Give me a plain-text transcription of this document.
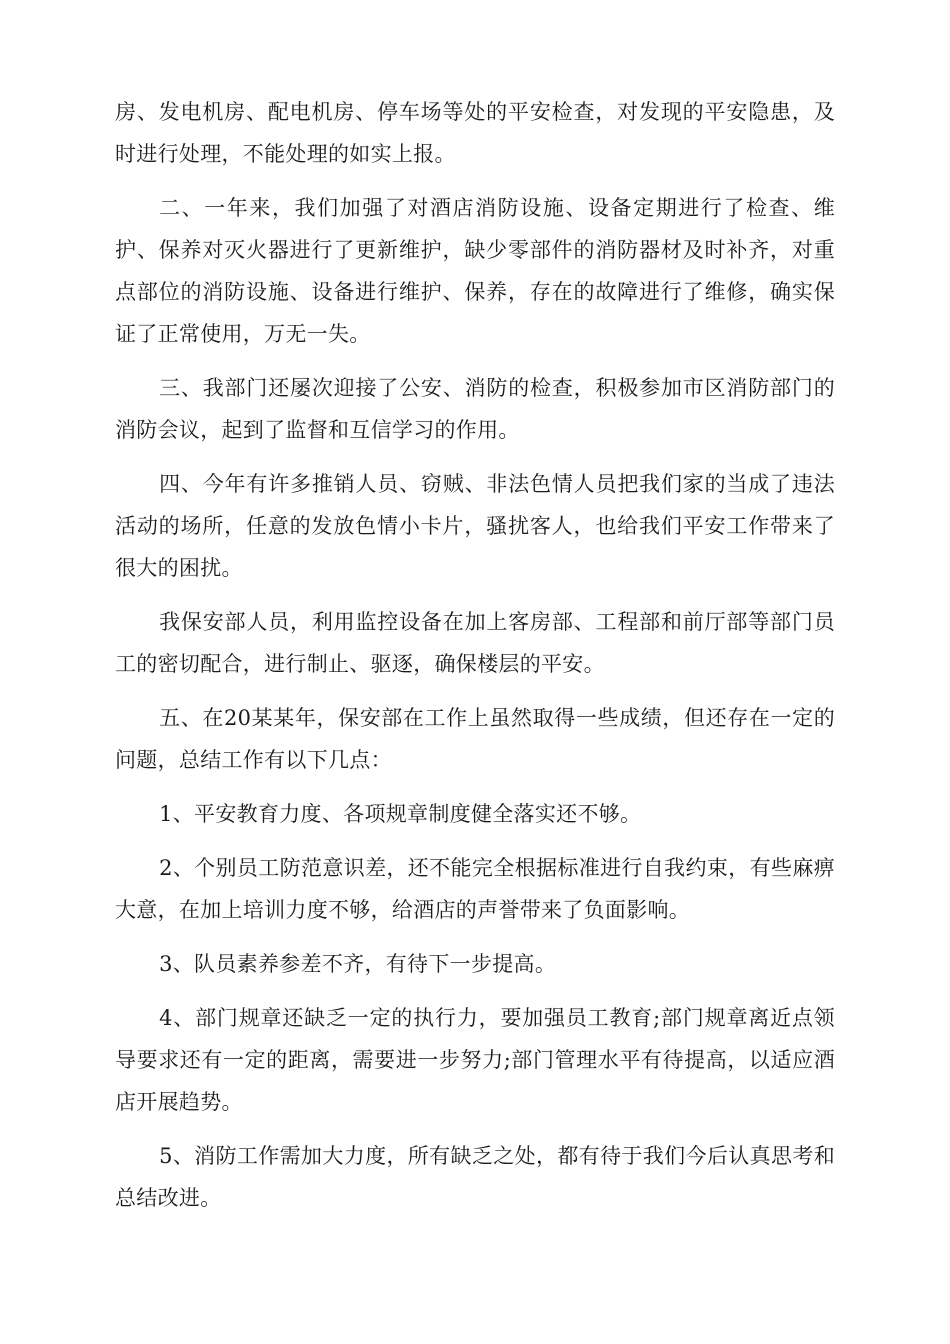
房、发电机房、配电机房、停车场等处的平安检查，对发现的平安隐患，及时进行处理，不能处理的如实上报。

二、一年来，我们加强了对酒店消防设施、设备定期进行了检查、维护、保养对灭火器进行了更新维护，缺少零部件的消防器材及时补齐，对重点部位的消防设施、设备进行维护、保养，存在的故障进行了维修，确实保证了正常使用，万无一失。

三、我部门还屡次迎接了公安、消防的检查，积极参加市区消防部门的消防会议，起到了监督和互信学习的作用。

四、今年有许多推销人员、窃贼、非法色情人员把我们家的当成了违法活动的场所，任意的发放色情小卡片，骚扰客人，也给我们平安工作带来了很大的困扰。

我保安部人员，利用监控设备在加上客房部、工程部和前厅部等部门员工的密切配合，进行制止、驱逐，确保楼层的平安。

五、在20某某年，保安部在工作上虽然取得一些成绩，但还存在一定的问题，总结工作有以下几点：

1、平安教育力度、各项规章制度健全落实还不够。

2、个别员工防范意识差，还不能完全根据标准进行自我约束，有些麻痹大意，在加上培训力度不够，给酒店的声誉带来了负面影响。

3、队员素养参差不齐，有待下一步提高。

4、部门规章还缺乏一定的执行力，要加强员工教育;部门规章离近点领导要求还有一定的距离，需要进一步努力;部门管理水平有待提高，以适应酒店开展趋势。

5、消防工作需加大力度，所有缺乏之处，都有待于我们今后认真思考和总结改进。
